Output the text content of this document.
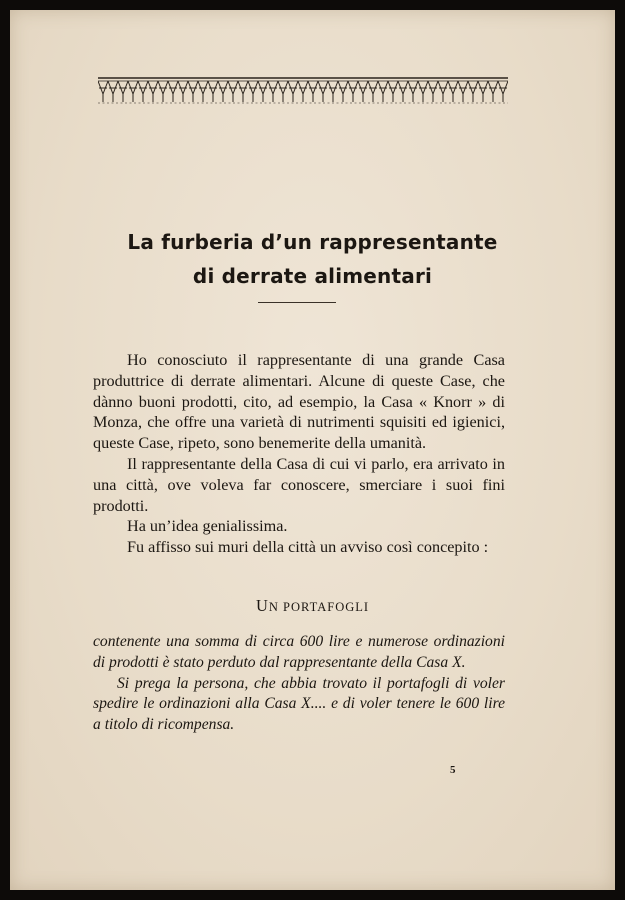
La furberia d’un rappresentante
di derrate alimentari

Ho conosciuto il rappresentante di una grande Casa produttrice di derrate alimentari. Alcune di queste Case, che dànno buoni prodotti, cito, ad esempio, la Casa « Knorr » di Monza, che offre una varietà di nutrimenti squisiti ed igienici, queste Case, ripeto, sono benemerite della umanità.

Il rappresentante della Casa di cui vi parlo, era arrivato in una città, ove voleva far conoscere, smerciare i suoi fini prodotti.

Ha un’idea genialissima.

Fu affisso sui muri della città un avviso così concepito :

UN PORTAFOGLI

contenente una somma di circa 600 lire e numerose ordinazioni di prodotti è stato perduto dal rappresentante della Casa X.

Si prega la persona, che abbia trovato il portafogli di voler spedire le ordinazioni alla Casa X.... e di voler tenere le 600 lire a titolo di ricompensa.

5
